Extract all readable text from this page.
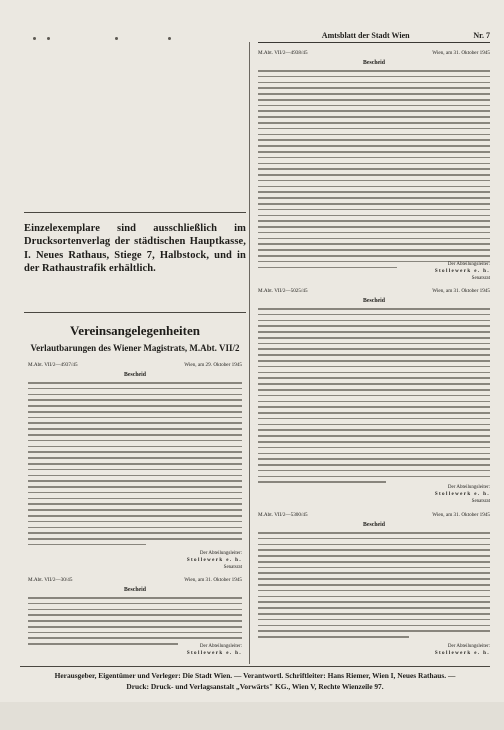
Amtsblatt der Stadt Wien	Nr. 7
Einzelexemplare sind ausschließlich im Drucksortenverlag der städtischen Hauptkasse, I. Neues Rathaus, Stiege 7, Halbstock, und in der Rathaustrafik erhältlich.
Vereinsangelegenheiten
Verlautbarungen des Wiener Magistrats, M.Abt. VII/2
M.Abt. VII/2—4937/45	Wien, am 29. Oktober 1945
Bescheid
Der Abteilungsleiter:
Stollewerk e. h.
Senatsrat
M.Abt. VII/2—30/45	Wien, am 31. Oktober 1945
Bescheid
Der Abteilungsleiter:
Stollewerk e. h.
M.Abt. VII/2—4938/45	Wien, am 31. Oktober 1945
Bescheid
Der Abteilungsleiter:
Stollewerk e. h.
Senatsrat
M.Abt. VII/2—5025/45	Wien, am 31. Oktober 1945
Bescheid
Der Abteilungsleiter:
Stollewerk e. h.
Senatsrat
M.Abt. VII/2—5300/45	Wien, am 31. Oktober 1945
Bescheid
Der Abteilungsleiter:
Stollewerk e. h.
Herausgeber, Eigentümer und Verleger: Die Stadt Wien. — Verantwortl. Schriftleiter: Hans Riemer, Wien I, Neues Rathaus. —
Druck: Druck- und Verlagsanstalt „Vorwärts" KG., Wien V, Rechte Wienzeile 97.
